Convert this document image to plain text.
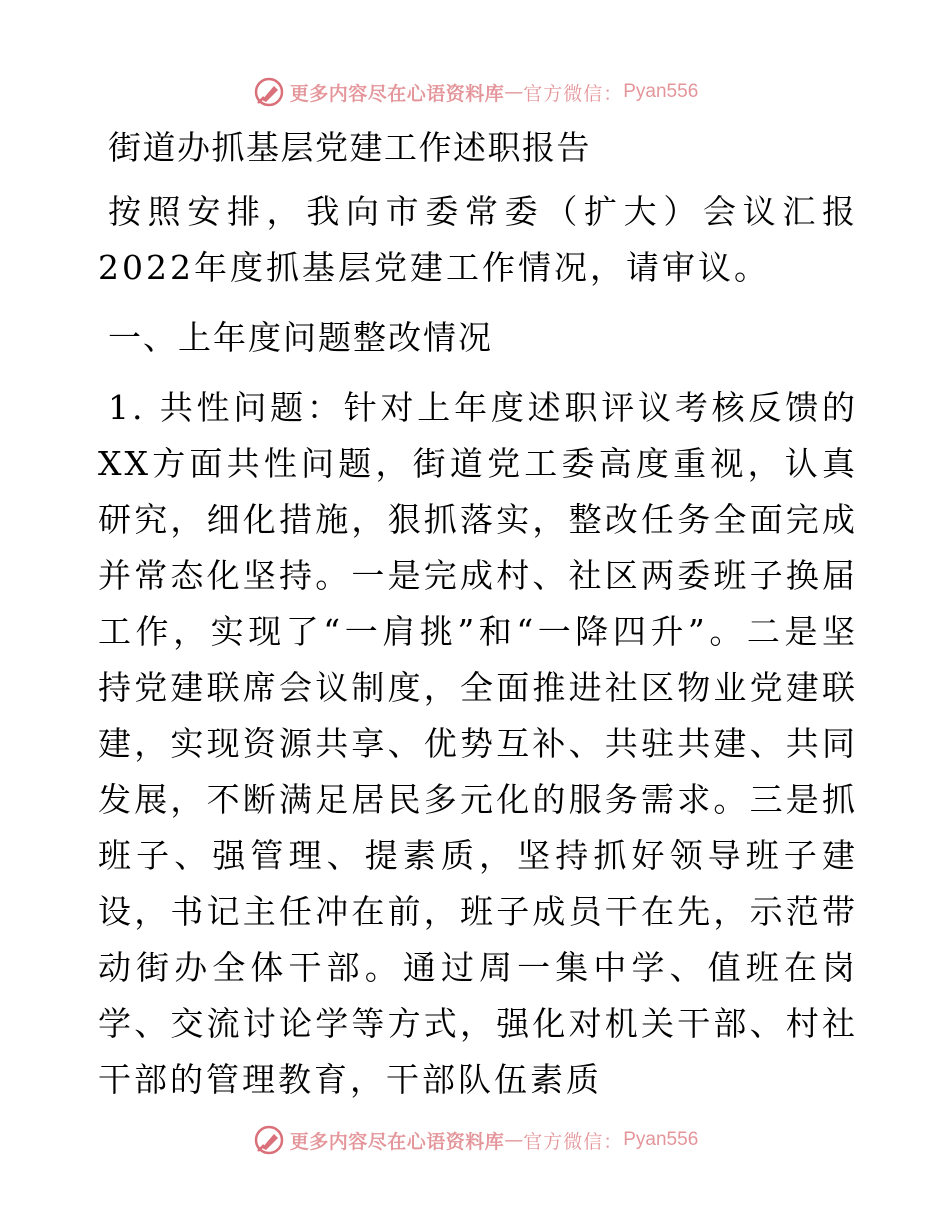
更多内容尽在心语资料库 — 官方微信： Pyan556
街道办抓基层党建工作述职报告

按照安排，我向市委常委（扩大）会议汇报2022年度抓基层党建工作情况，请审议。

一、上年度问题整改情况

1. 共性问题：针对上年度述职评议考核反馈的XX方面共性问题，街道党工委高度重视，认真研究，细化措施，狠抓落实，整改任务全面完成并常态化坚持。一是完成村、社区两委班子换届工作，实现了“一肩挑”和“一降四升”。二是坚持党建联席会议制度，全面推进社区物业党建联建，实现资源共享、优势互补、共驻共建、共同发展，不断满足居民多元化的服务需求。三是抓班子、强管理、提素质，坚持抓好领导班子建设，书记主任冲在前，班子成员干在先，示范带动街办全体干部。通过周一集中学、值班在岗学、交流讨论学等方式，强化对机关干部、村社干部的管理教育，干部队伍素质

更多内容尽在心语资料库 — 官方微信： Pyan556
